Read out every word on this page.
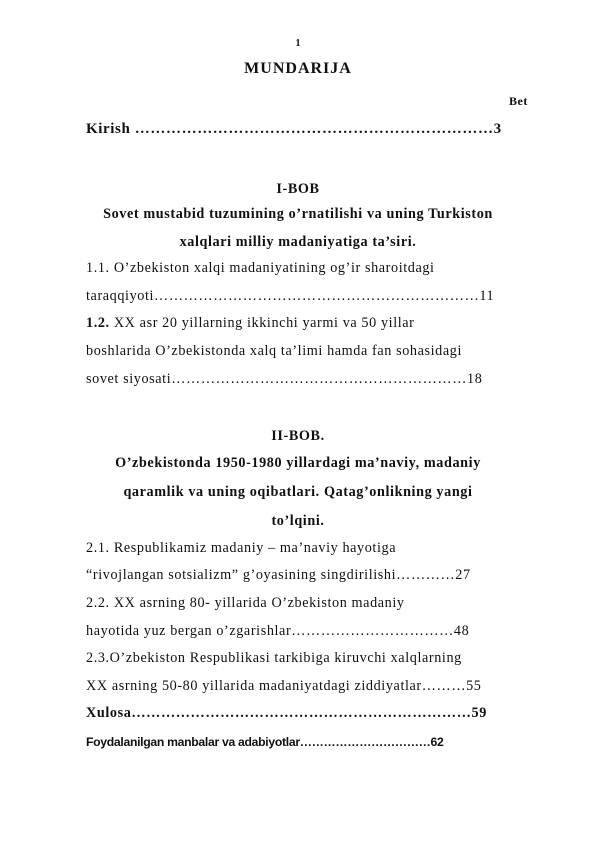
1
MUNDARIJA
Bet
Kirish ……………………………………………………………3
I-BOB
Sovet mustabid tuzumining o’rnatilishi va uning Turkiston
xalqlari milliy madaniyatiga ta’siri.
1.1. O’zbekiston xalqi madaniyatining og’ir sharoitdagi
taraqqiyoti…………………………………………………………11
1.2. XX asr 20 yillarning ikkinchi yarmi va 50 yillar
boshlarida O’zbekistonda xalq ta’limi hamda fan sohasidagi
sovet siyosati……………………………………………………18
II-BOB.
O’zbekistonda 1950-1980 yillardagi ma’naviy, madaniy
qaramlik va uning oqibatlari. Qatag’onlikning yangi
to’lqini.
2.1. Respublikamiz madaniy – ma’naviy hayotiga
“rivojlangan sotsializm” g’oyasining singdirilishi…………27
2.2. XX asrning 80- yillarida O’zbekiston madaniy
hayotida yuz bergan o’zgarishlar……………………………48
2.3.O’zbekiston Respublikasi tarkibiga kiruvchi xalqlarning
XX asrning 50-80 yillarida madaniyatdagi ziddiyatlar………55
Xulosa……………………………………………………………59
Foydalanilgan manbalar va adabiyotlar……………………………62
